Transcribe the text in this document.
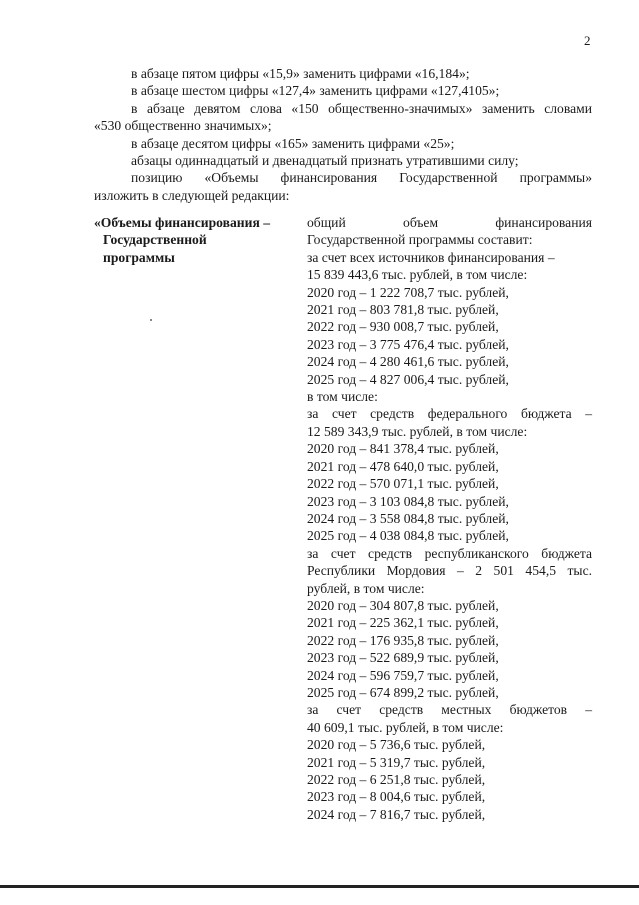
2

в абзаце пятом цифры «15,9» заменить цифрами «16,184»;

в абзаце шестом цифры «127,4» заменить цифрами «127,4105»;

в абзаце девятом слова «150 общественно-значимых» заменить словами

«530 общественно значимых»;

в абзаце десятом цифры «165» заменить цифрами «25»;

абзацы одиннадцатый и двенадцатый признать утратившими силу;

позицию «Объемы финансирования Государственной программы»

изложить в следующей редакции:

«Объемы финансирования –
Государственной
программы
общий объем финансирования
Государственной программы составит:
за счет всех источников финансирования –
15 839 443,6 тыс. рублей, в том числе:
2020 год – 1 222 708,7 тыс. рублей,
2021 год – 803 781,8 тыс. рублей,
2022 год – 930 008,7 тыс. рублей,
2023 год – 3 775 476,4 тыс. рублей,
2024 год – 4 280 461,6 тыс. рублей,
2025 год – 4 827 006,4 тыс. рублей,
в том числе:
за счет средств федерального бюджета –
12 589 343,9 тыс. рублей, в том числе:
2020 год – 841 378,4 тыс. рублей,
2021 год – 478 640,0 тыс. рублей,
2022 год – 570 071,1 тыс. рублей,
2023 год – 3 103 084,8 тыс. рублей,
2024 год – 3 558 084,8 тыс. рублей,
2025 год – 4 038 084,8 тыс. рублей,
за счет средств республиканского бюджета
Республики Мордовия – 2 501 454,5 тыс.
рублей, в том числе:
2020 год – 304 807,8 тыс. рублей,
2021 год – 225 362,1 тыс. рублей,
2022 год – 176 935,8 тыс. рублей,
2023 год – 522 689,9 тыс. рублей,
2024 год – 596 759,7 тыс. рублей,
2025 год – 674 899,2 тыс. рублей,
за счет средств местных бюджетов –
40 609,1 тыс. рублей, в том числе:
2020 год – 5 736,6 тыс. рублей,
2021 год – 5 319,7 тыс. рублей,
2022 год – 6 251,8 тыс. рублей,
2023 год – 8 004,6 тыс. рублей,
2024 год – 7 816,7 тыс. рублей,
